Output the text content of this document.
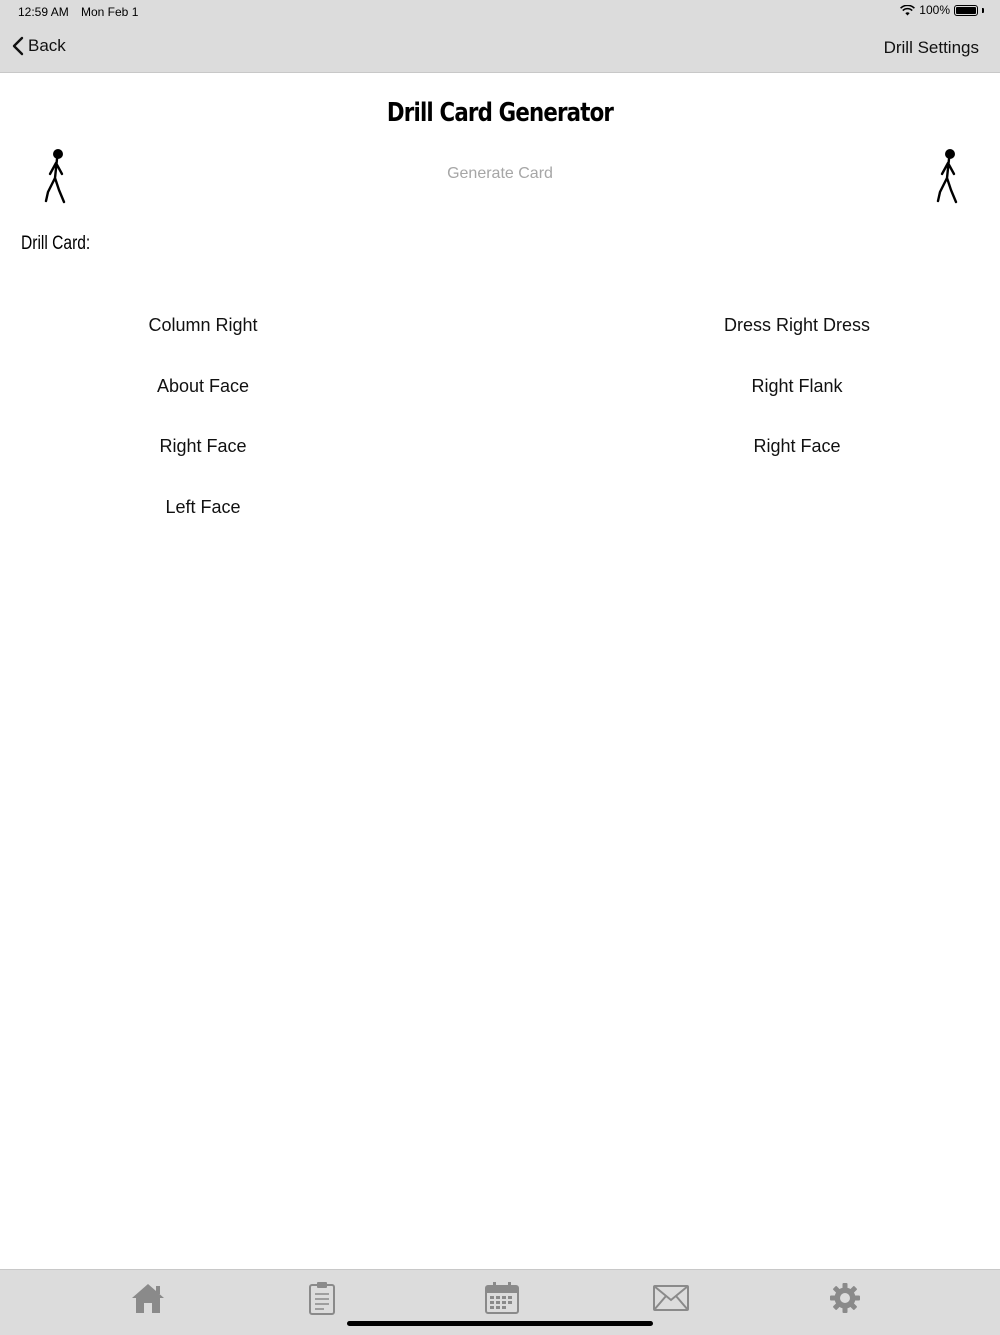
12:59 AM Mon Feb 1	100%
Back	Drill Settings
Drill Card Generator
Generate Card
Drill Card:
Column Right
About Face
Right Face
Left Face
Dress Right Dress
Right Flank
Right Face
